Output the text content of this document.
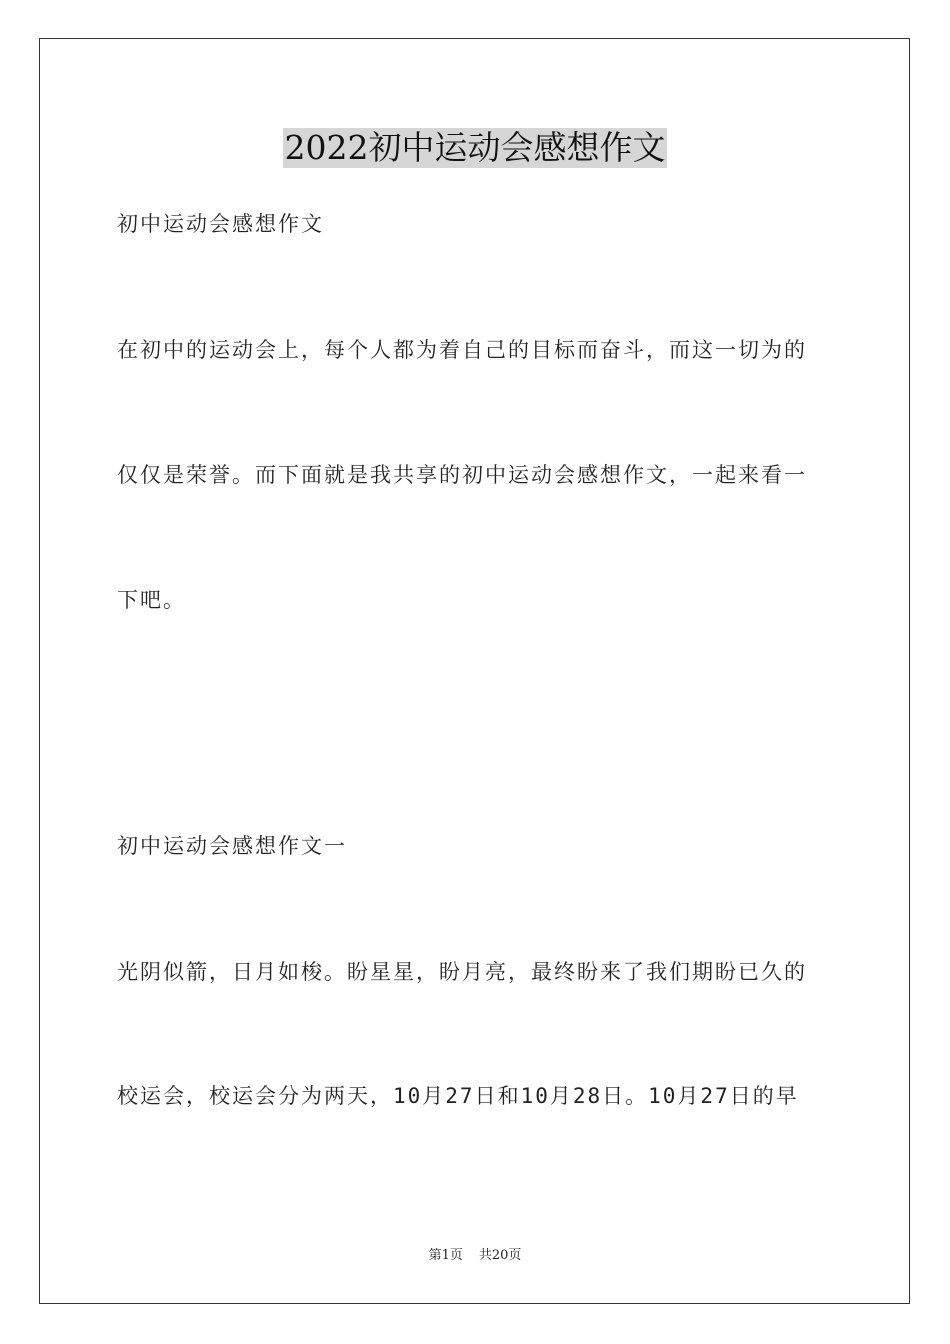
2022初中运动会感想作文
初中运动会感想作文
在初中的运动会上，每个人都为着自己的目标而奋斗，而这一切为的
仅仅是荣誉。而下面就是我共享的初中运动会感想作文，一起来看一
下吧。
初中运动会感想作文一
光阴似箭，日月如梭。盼星星，盼月亮，最终盼来了我们期盼已久的
校运会，校运会分为两天，10月27日和10月28日。10月27日的早
第1页 共20页
